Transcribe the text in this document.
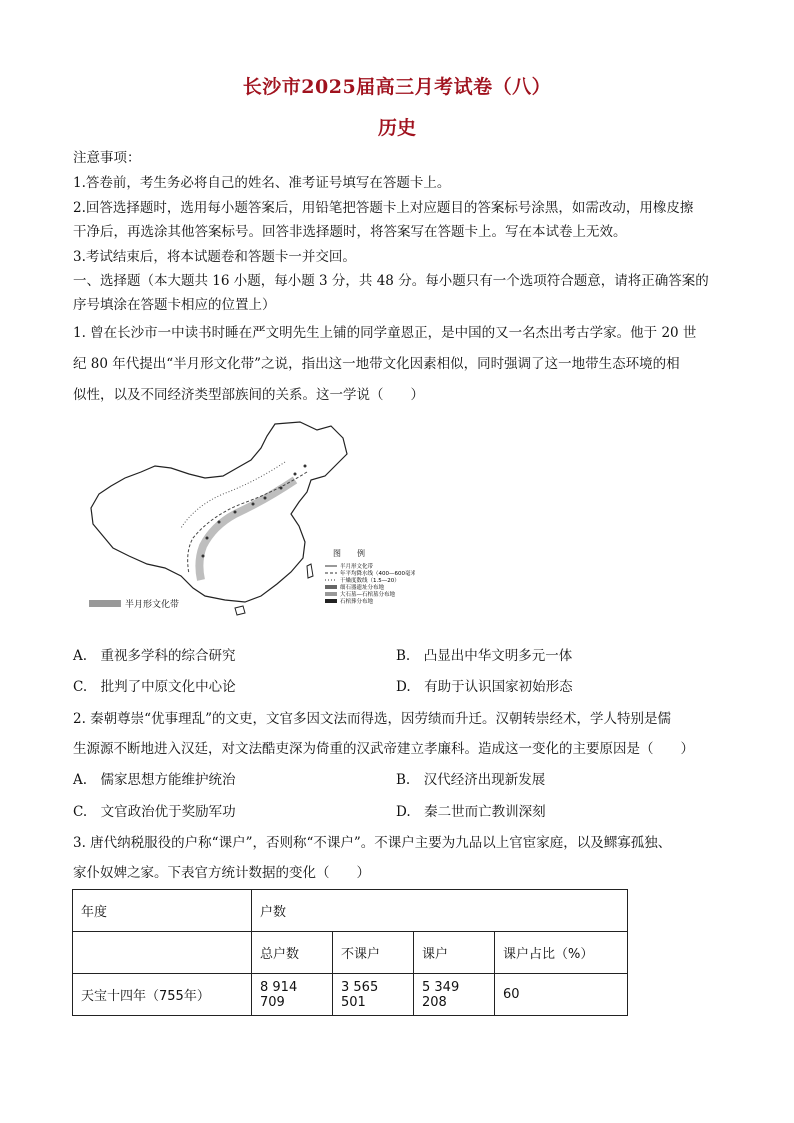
长沙市2025届高三月考试卷（八）
历史
注意事项：
1.答卷前，考生务必将自己的姓名、准考证号填写在答题卡上。
2.回答选择题时，选用每小题答案后，用铅笔把答题卡上对应题目的答案标号涂黑，如需改动，用橡皮擦
干净后，再选涂其他答案标号。回答非选择题时，将答案写在答题卡上。写在本试卷上无效。
3.考试结束后，将本试题卷和答题卡一并交回。
一、选择题（本大题共 16 小题，每小题 3 分，共 48 分。每小题只有一个选项符合题意，请将正确答案的
序号填涂在答题卡相应的位置上）
1. 曾在长沙市一中读书时睡在严文明先生上铺的同学童恩正，是中国的又一名杰出考古学家。他于 20 世
纪 80 年代提出“半月形文化带”之说，指出这一地带文化因素相似，同时强调了这一地带生态环境的相
似性，以及不同经济类型部族间的关系。这一学说（　　）
半月形文化带
图　　例
半月形文化带
年平均降水线（400—600毫米）
干燥度数线（1.5—20）
细石器遗址分布地
大石墓—石棺墓分布地
石棺葬分布地
A.　重视多学科的综合研究	B.　凸显出中华文明多元一体
C.　批判了中原文化中心论	D.　有助于认识国家初始形态
2. 秦朝尊崇“优事理乱”的文吏，文官多因文法而得选，因劳绩而升迁。汉朝转崇经术，学人特别是儒
生源源不断地进入汉廷，对文法酷吏深为倚重的汉武帝建立孝廉科。造成这一变化的主要原因是（　　）
A.　儒家思想方能维护统治	B.　汉代经济出现新发展
C.　文官政治优于奖励军功	D.　秦二世而亡教训深刻
3. 唐代纳税服役的户称“课户”，否则称“不课户”。不课户主要为九品以上官宦家庭，以及鳏寡孤独、
家仆奴婢之家。下表官方统计数据的变化（　　）
年度	户数			
	总户数	不课户	课户	课户占比（%）
天宝十四年（755年）	8 914 709	3 565 501	5 349 208	60
